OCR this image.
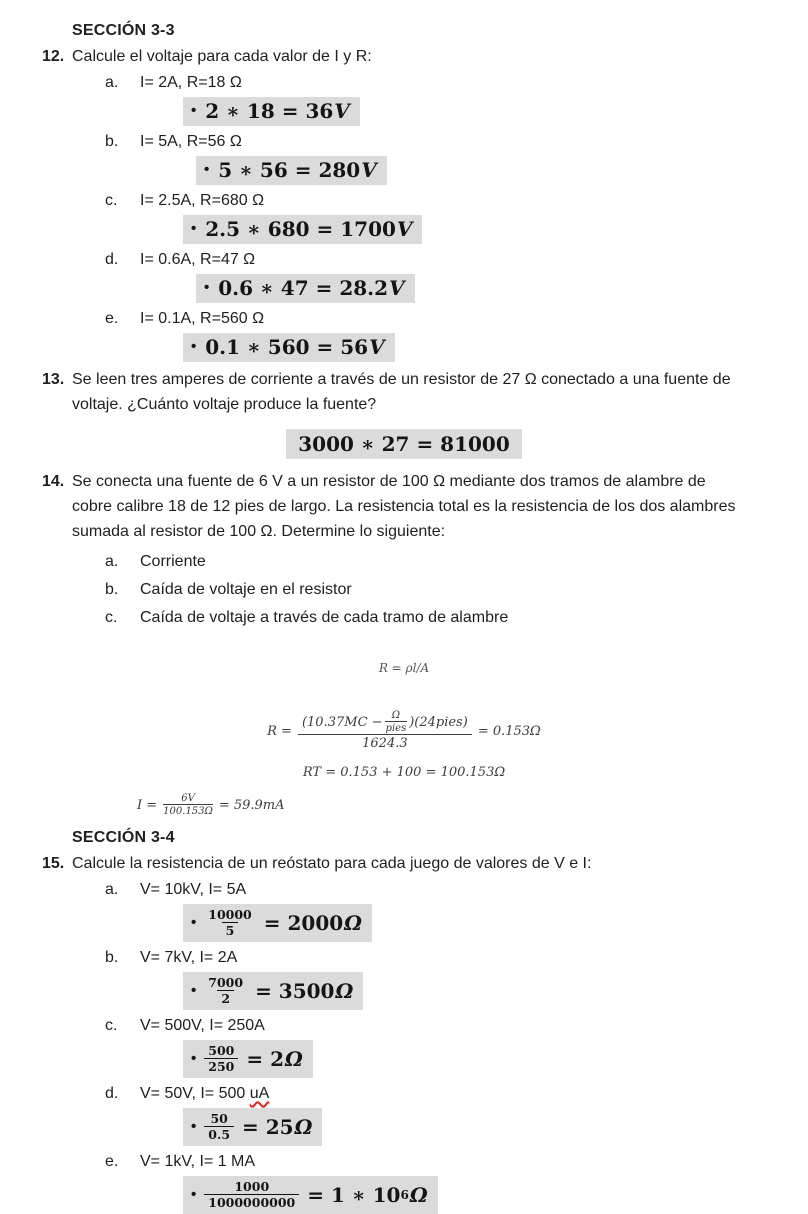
SECCIÓN 3-3
12. Calcule el voltaje para cada valor de I y R:
a.	I= 2A, R=18 Ω
• 2 ∗ 18 = 36 V
b.	I= 5A, R=56 Ω
• 5 ∗ 56 = 280 V
c.	I= 2.5A, R=680 Ω
• 2.5 ∗ 680 = 1700 V
d.	I= 0.6A, R=47 Ω
• 0.6 ∗ 47 = 28.2 V
e.	I= 0.1A, R=560 Ω
• 0.1 ∗ 560 = 56 V
13. Se leen tres amperes de corriente a través de un resistor de 27 Ω conectado a una fuente de voltaje. ¿Cuánto voltaje produce la fuente?
3000 ∗ 27 = 81000
14. Se conecta una fuente de 6 V a un resistor de 100 Ω mediante dos tramos de alambre de cobre calibre 18 de 12 pies de largo. La resistencia total es la resistencia de los dos alambres sumada al resistor de 100 Ω. Determine lo siguiente:
a.	Corriente
b.	Caída de voltaje en el resistor
c.	Caída de voltaje a través de cada tramo de alambre
R = ρl/A
R =
(10.37MC − Ω
pies )(24pies)
1624.3
= 0.153Ω
RT = 0.153 + 100 = 100.153Ω
$I = \frac{6V}{100.153\Omega} = 59.9mA$
SECCIÓN 3-4
15. Calcule la resistencia de un reóstato para cada juego de valores de V e I:
a.	V= 10kV, I= 5A
• $\frac{10000}{5} = 2000$ Ω
b.	V= 7kV, I= 2A
• $\frac{7000}{2} = 3500$ Ω
c.	V= 500V, I= 250A
• $\frac{500}{250} = 2$ Ω
d.	V= 50V, I= 500 uA
• $\frac{50}{0.5} = 25$ Ω
e.	V= 1kV, I= 1 MA
• $\frac{1000}{1000000000} = 1$ ∗ 10 6 Ω
